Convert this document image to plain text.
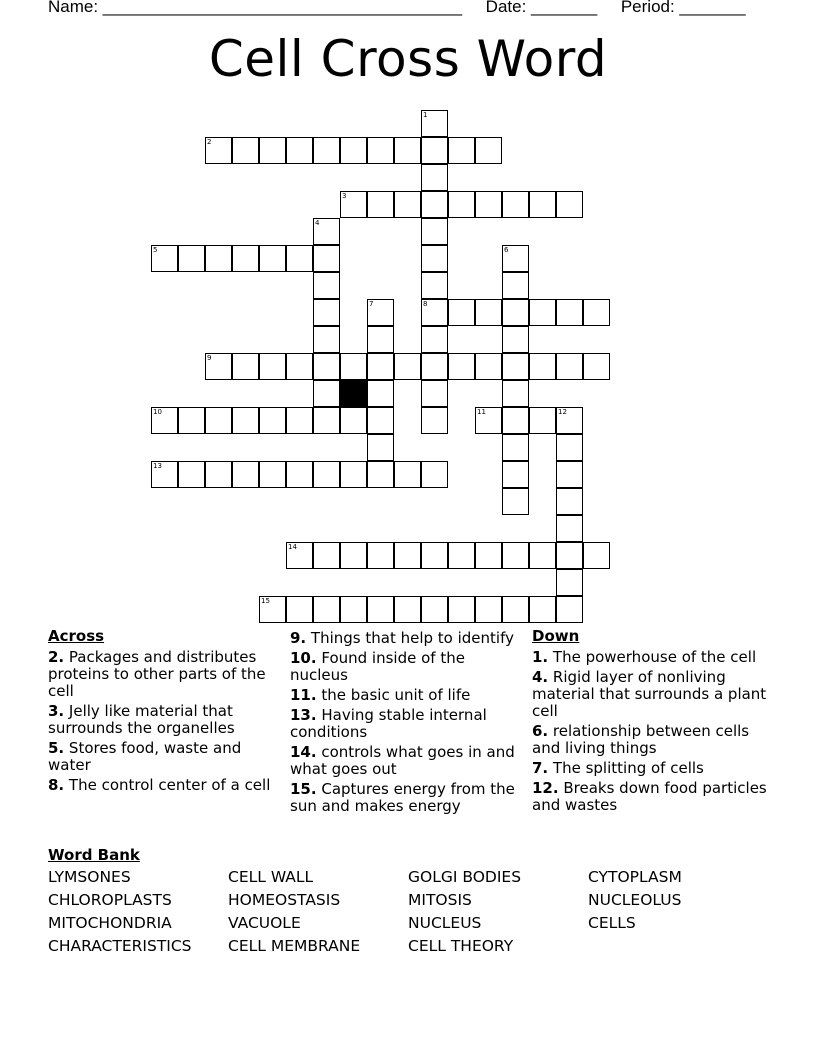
Name: ______________________________________     Date: _______     Period: _______
Cell Cross Word
1
8
2
3
4
5	6
7
9
10	11	12
13
14
15
Across
2. Packages and distributes proteins to other parts of the cell
3. Jelly like material that surrounds the organelles
5. Stores food, waste and water
8. The control center of a cell
9. Things that help to identify
10. Found inside of the nucleus
11. the basic unit of life
13. Having stable internal conditions
14. controls what goes in and what goes out
15. Captures energy from the sun and makes energy
Down
1. The powerhouse of the cell
4. Rigid layer of nonliving material that surrounds a plant cell
6. relationship between cells and living things
7. The splitting of cells
12. Breaks down food particles and wastes
Word Bank
LYMSONES	CELL WALL	GOLGI BODIES	CYTOPLASM
CHLOROPLASTS	HOMEOSTASIS	MITOSIS	NUCLEOLUS
MITOCHONDRIA	VACUOLE	NUCLEUS	CELLS
CHARACTERISTICS CELL MEMBRANE	CELL THEORY
